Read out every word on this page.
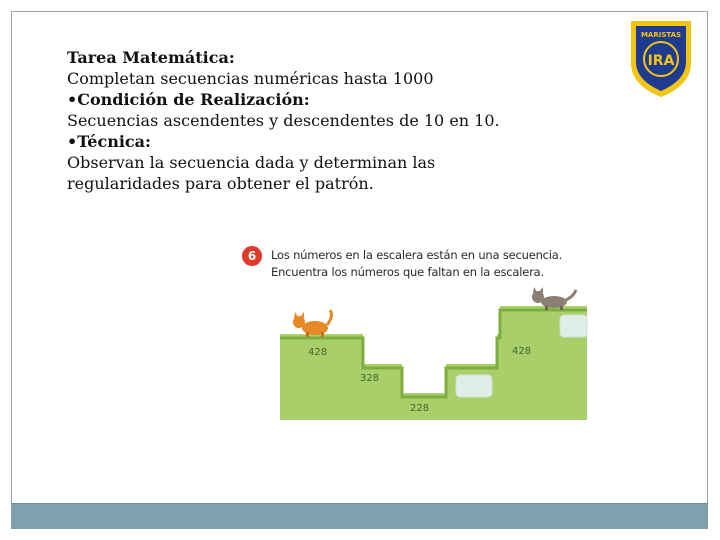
Tarea Matemática:
Completan secuencias numéricas hasta 1000
•Condición de Realización:
Secuencias ascendentes y descendentes de 10 en 10.
•Técnica:
Observan la secuencia dada y determinan las
regularidades para obtener el patrón.
MARISTAS
IRA
428
328
228
428
6	Los números en la escalera están en una secuencia.
Encuentra los números que faltan en la escalera.
